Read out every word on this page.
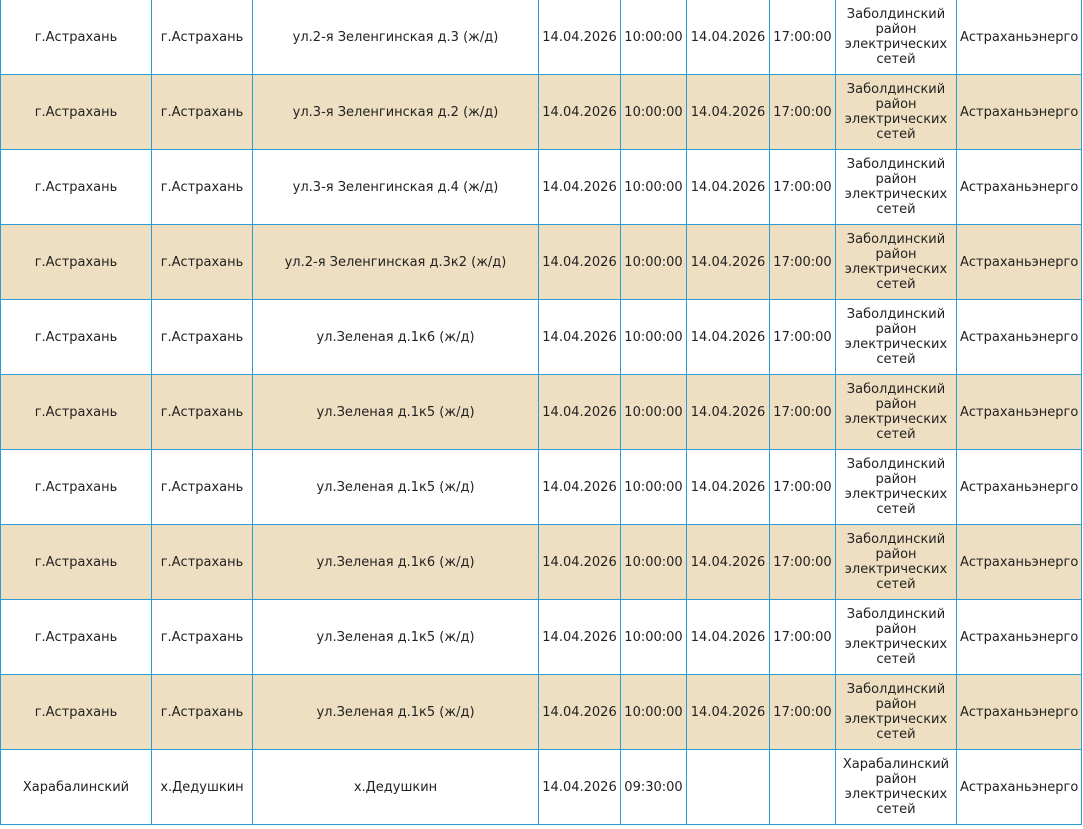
г.Астрахань	г.Астрахань	ул.2-я Зеленгинская д.3 (ж/д)	14.04.2026	10:00:00	14.04.2026	17:00:00	Заболдинский район электрических сетей	Астраханьэнерго
г.Астрахань	г.Астрахань	ул.3-я Зеленгинская д.2 (ж/д)	14.04.2026	10:00:00	14.04.2026	17:00:00	Заболдинский район электрических сетей	Астраханьэнерго
г.Астрахань	г.Астрахань	ул.3-я Зеленгинская д.4 (ж/д)	14.04.2026	10:00:00	14.04.2026	17:00:00	Заболдинский район электрических сетей	Астраханьэнерго
г.Астрахань	г.Астрахань	ул.2-я Зеленгинская д.3к2 (ж/д)	14.04.2026	10:00:00	14.04.2026	17:00:00	Заболдинский район электрических сетей	Астраханьэнерго
г.Астрахань	г.Астрахань	ул.Зеленая д.1к6 (ж/д)	14.04.2026	10:00:00	14.04.2026	17:00:00	Заболдинский район электрических сетей	Астраханьэнерго
г.Астрахань	г.Астрахань	ул.Зеленая д.1к5 (ж/д)	14.04.2026	10:00:00	14.04.2026	17:00:00	Заболдинский район электрических сетей	Астраханьэнерго
г.Астрахань	г.Астрахань	ул.Зеленая д.1к5 (ж/д)	14.04.2026	10:00:00	14.04.2026	17:00:00	Заболдинский район электрических сетей	Астраханьэнерго
г.Астрахань	г.Астрахань	ул.Зеленая д.1к6 (ж/д)	14.04.2026	10:00:00	14.04.2026	17:00:00	Заболдинский район электрических сетей	Астраханьэнерго
г.Астрахань	г.Астрахань	ул.Зеленая д.1к5 (ж/д)	14.04.2026	10:00:00	14.04.2026	17:00:00	Заболдинский район электрических сетей	Астраханьэнерго
г.Астрахань	г.Астрахань	ул.Зеленая д.1к5 (ж/д)	14.04.2026	10:00:00	14.04.2026	17:00:00	Заболдинский район электрических сетей	Астраханьэнерго
Харабалинский	х.Дедушкин	х.Дедушкин	14.04.2026	09:30:00			Харабалинский район электрических сетей	Астраханьэнерго
